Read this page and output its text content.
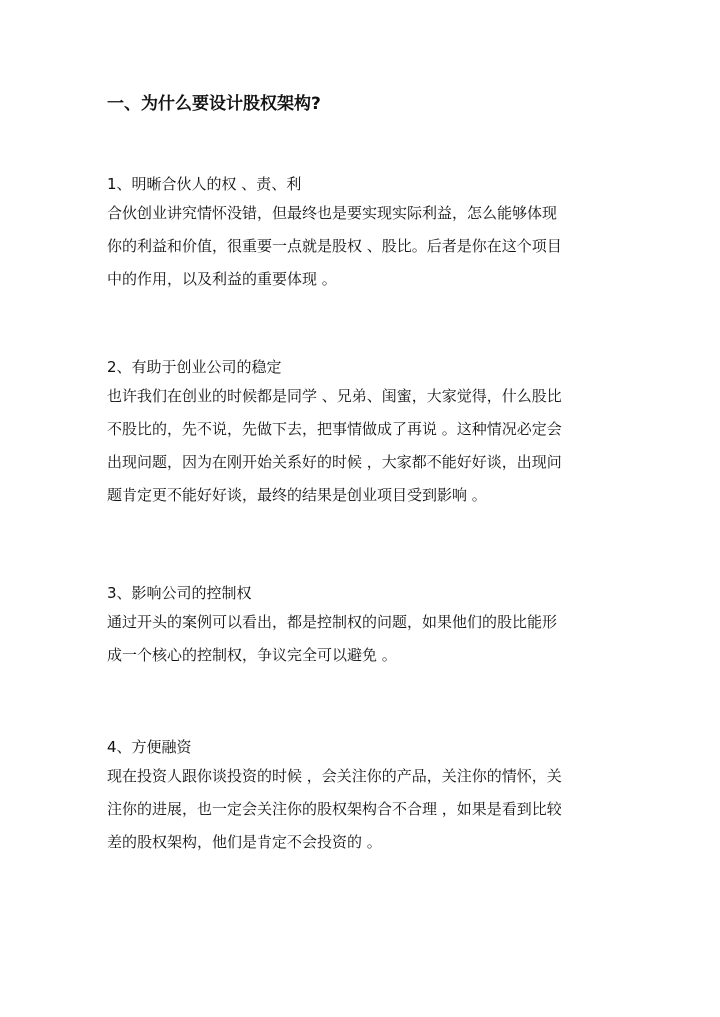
一、为什么要设计股权架构?
1、明晰合伙人的权 、责、利
合伙创业讲究情怀没错，但最终也是要实现实际利益，怎么能够体现
你的利益和价值，很重要一点就是股权 、股比。后者是你在这个项目
中的作用，以及利益的重要体现 。
2、有助于创业公司的稳定
也许我们在创业的时候都是同学 、兄弟、闺蜜，大家觉得，什么股比
不股比的，先不说，先做下去，把事情做成了再说 。这种情况必定会
出现问题，因为在刚开始关系好的时候 ，大家都不能好好谈，出现问
题肯定更不能好好谈，最终的结果是创业项目受到影响 。
3、影响公司的控制权
通过开头的案例可以看出，都是控制权的问题，如果他们的股比能形
成一个核心的控制权，争议完全可以避免 。
4、方便融资
现在投资人跟你谈投资的时候 ，会关注你的产品，关注你的情怀，关
注你的进展，也一定会关注你的股权架构合不合理 ，如果是看到比较
差的股权架构，他们是肯定不会投资的 。
